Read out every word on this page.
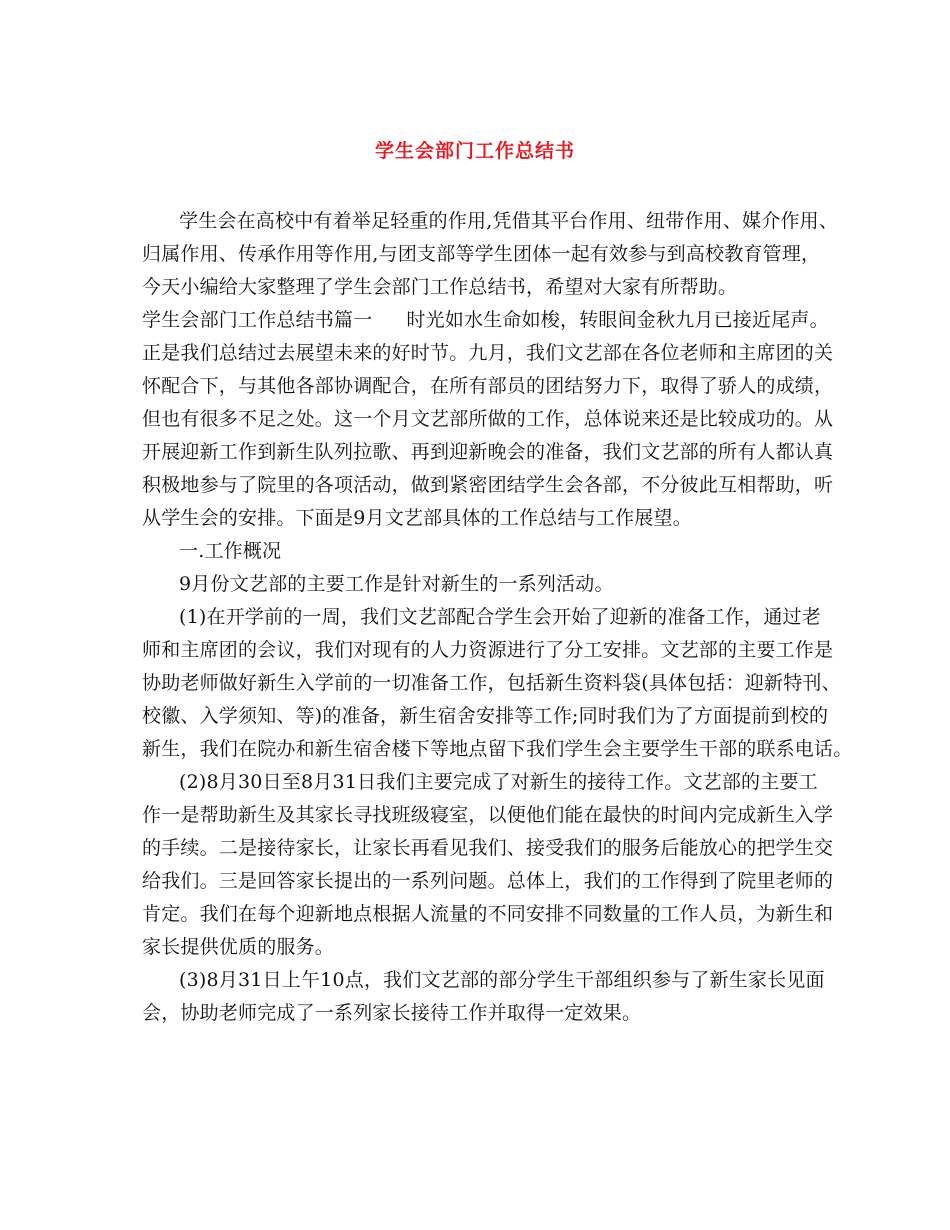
学生会部门工作总结书
学生会在高校中有着举足轻重的作用,凭借其平台作用、纽带作用、媒介作用、
归属作用、传承作用等作用,与团支部等学生团体一起有效参与到高校教育管理，
今天小编给大家整理了学生会部门工作总结书，希望对大家有所帮助。
学生会部门工作总结书篇一 时光如水生命如梭，转眼间金秋九月已接近尾声。
正是我们总结过去展望未来的好时节。九月，我们文艺部在各位老师和主席团的关
怀配合下，与其他各部协调配合，在所有部员的团结努力下，取得了骄人的成绩，
但也有很多不足之处。这一个月文艺部所做的工作，总体说来还是比较成功的。从
开展迎新工作到新生队列拉歌、再到迎新晚会的准备，我们文艺部的所有人都认真
积极地参与了院里的各项活动，做到紧密团结学生会各部，不分彼此互相帮助，听
从学生会的安排。下面是9月文艺部具体的工作总结与工作展望。
一.工作概况
9月份文艺部的主要工作是针对新生的一系列活动。
(1)在开学前的一周，我们文艺部配合学生会开始了迎新的准备工作，通过老
师和主席团的会议，我们对现有的人力资源进行了分工安排。文艺部的主要工作是
协助老师做好新生入学前的一切准备工作，包括新生资料袋(具体包括：迎新特刊、
校徽、入学须知、等)的准备，新生宿舍安排等工作;同时我们为了方面提前到校的
新生，我们在院办和新生宿舍楼下等地点留下我们学生会主要学生干部的联系电话。
(2)8月30日至8月31日我们主要完成了对新生的接待工作。文艺部的主要工
作一是帮助新生及其家长寻找班级寝室，以便他们能在最快的时间内完成新生入学
的手续。二是接待家长，让家长再看见我们、接受我们的服务后能放心的把学生交
给我们。三是回答家长提出的一系列问题。总体上，我们的工作得到了院里老师的
肯定。我们在每个迎新地点根据人流量的不同安排不同数量的工作人员，为新生和
家长提供优质的服务。
(3)8月31日上午10点，我们文艺部的部分学生干部组织参与了新生家长见面
会，协助老师完成了一系列家长接待工作并取得一定效果。
